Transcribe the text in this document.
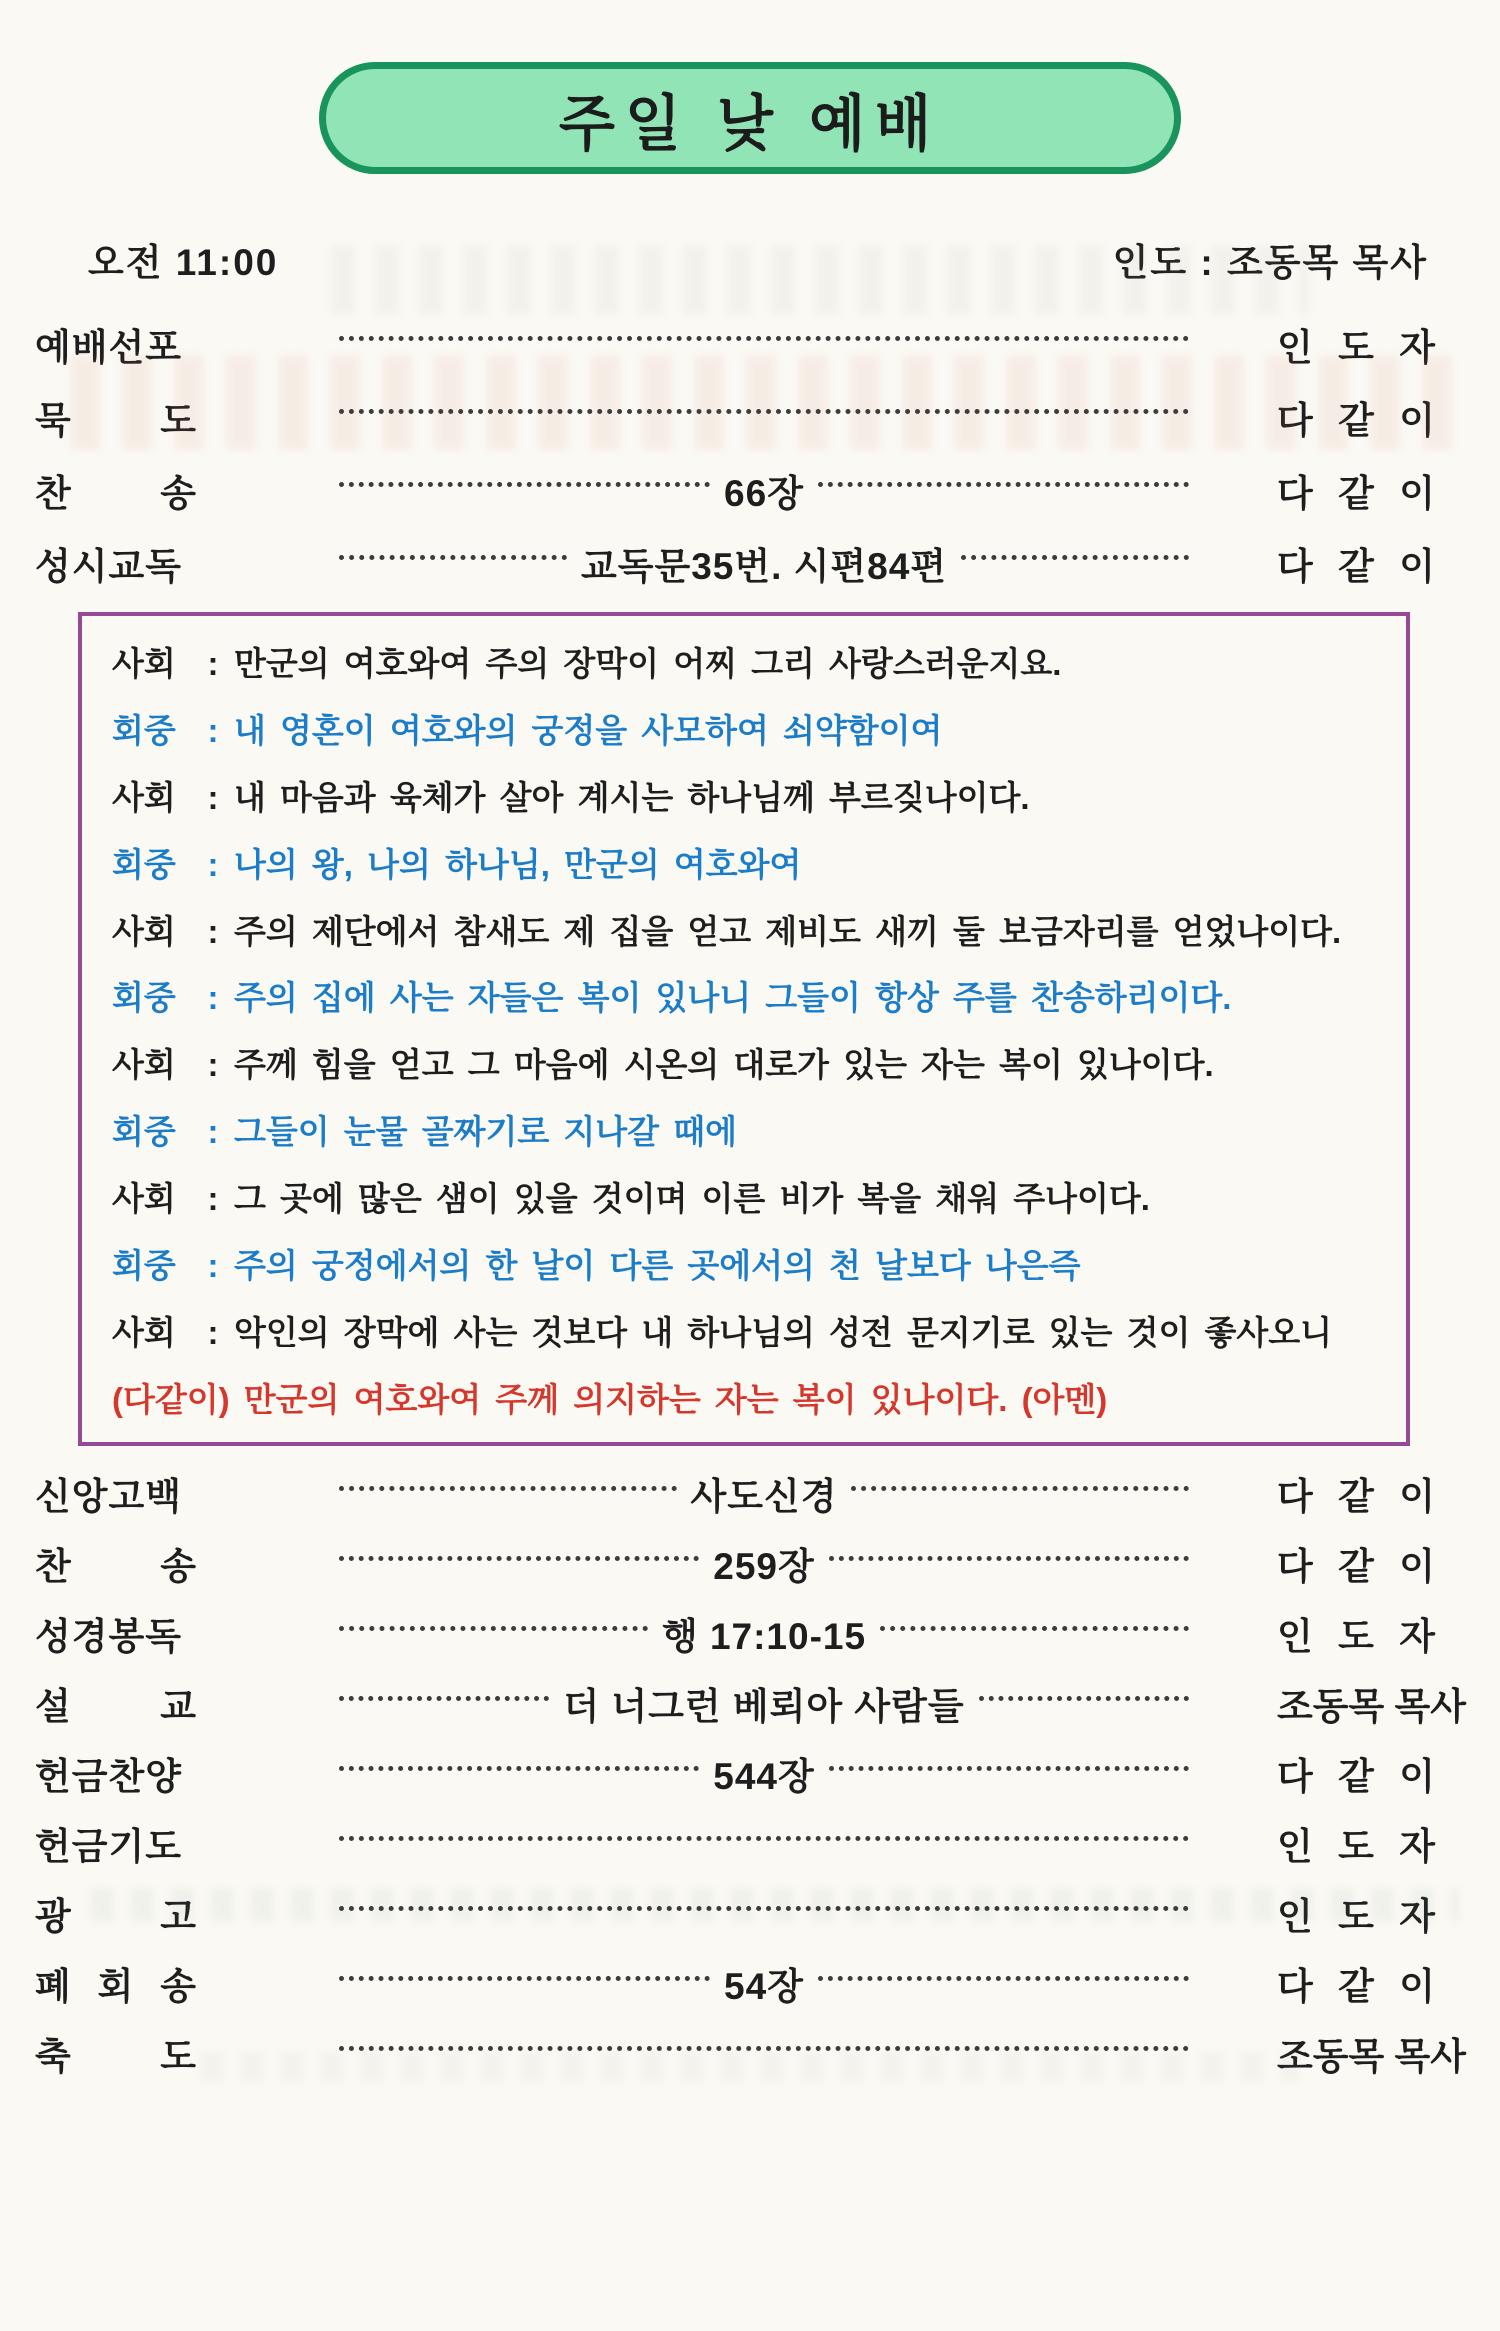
주일 낮 예배
오전 11:00	인도 : 조동목 목사
예배선포	인 도 자
묵 도	다 같 이
찬 송	66장	다 같 이
성시교독	교독문35번. 시편84편	다 같 이
사회 : 만군의 여호와여 주의 장막이 어찌 그리 사랑스러운지요.
회중 : 내 영혼이 여호와의 궁정을 사모하여 쇠약함이여
사회 : 내 마음과 육체가 살아 계시는 하나님께 부르짖나이다.
회중 : 나의 왕, 나의 하나님, 만군의 여호와여
사회 : 주의 제단에서 참새도 제 집을 얻고 제비도 새끼 둘 보금자리를 얻었나이다.
회중 : 주의 집에 사는 자들은 복이 있나니 그들이 항상 주를 찬송하리이다.
사회 : 주께 힘을 얻고 그 마음에 시온의 대로가 있는 자는 복이 있나이다.
회중 : 그들이 눈물 골짜기로 지나갈 때에
사회 : 그 곳에 많은 샘이 있을 것이며 이른 비가 복을 채워 주나이다.
회중 : 주의 궁정에서의 한 날이 다른 곳에서의 천 날보다 나은즉
사회 : 악인의 장막에 사는 것보다 내 하나님의 성전 문지기로 있는 것이 좋사오니
(다같이) 만군의 여호와여 주께 의지하는 자는 복이 있나이다. (아멘)
신앙고백	사도신경	다 같 이
찬 송	259장	다 같 이
성경봉독	행 17:10-15	인 도 자
설 교	더 너그런 베뢰아 사람들	조동목 목사
헌금찬양	544장	다 같 이
헌금기도	인 도 자
광 고	인 도 자
폐 회 송	54장	다 같 이
축 도	조동목 목사
